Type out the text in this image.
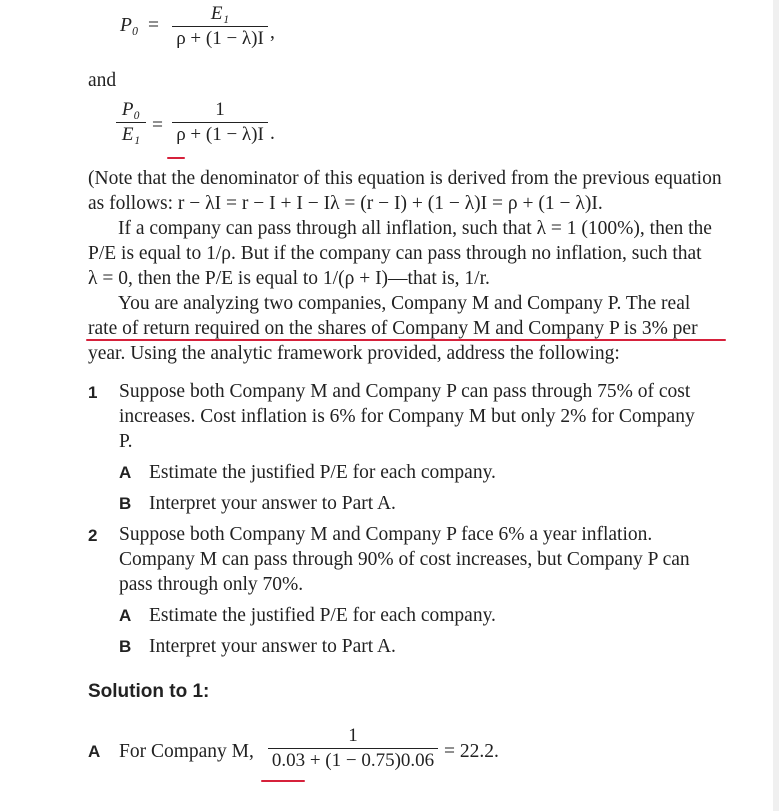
P₀ =
E₁
ρ + (1 − λ)I ,
and
P₀
E₁ =
1
ρ + (1 − λ)I .
(Note that the denominator of this equation is derived from the previous equation
as follows: r − λI = r − I + I − Iλ = (r − I) + (1 − λ)I = ρ + (1 − λ)I.
If a company can pass through all inflation, such that λ = 1 (100%), then the
P/E is equal to 1/ρ. But if the company can pass through no inflation, such that
λ = 0, then the P/E is equal to 1/(ρ + I)—that is, 1/r.
You are analyzing two companies, Company M and Company P. The real
rate of return required on the shares of Company M and Company P is 3% per
year. Using the analytic framework provided, address the following:
1 Suppose both Company M and Company P can pass through 75% of cost
increases. Cost inflation is 6% for Company M but only 2% for Company
P.
A Estimate the justified P/E for each company.
B Interpret your answer to Part A.
2 Suppose both Company M and Company P face 6% a year inflation.
Company M can pass through 90% of cost increases, but Company P can
pass through only 70%.
A Estimate the justified P/E for each company.
B Interpret your answer to Part A.
Solution to 1:
A For Company M,
1
0.03 + (1 − 0.75)0.06 = 22.2.
